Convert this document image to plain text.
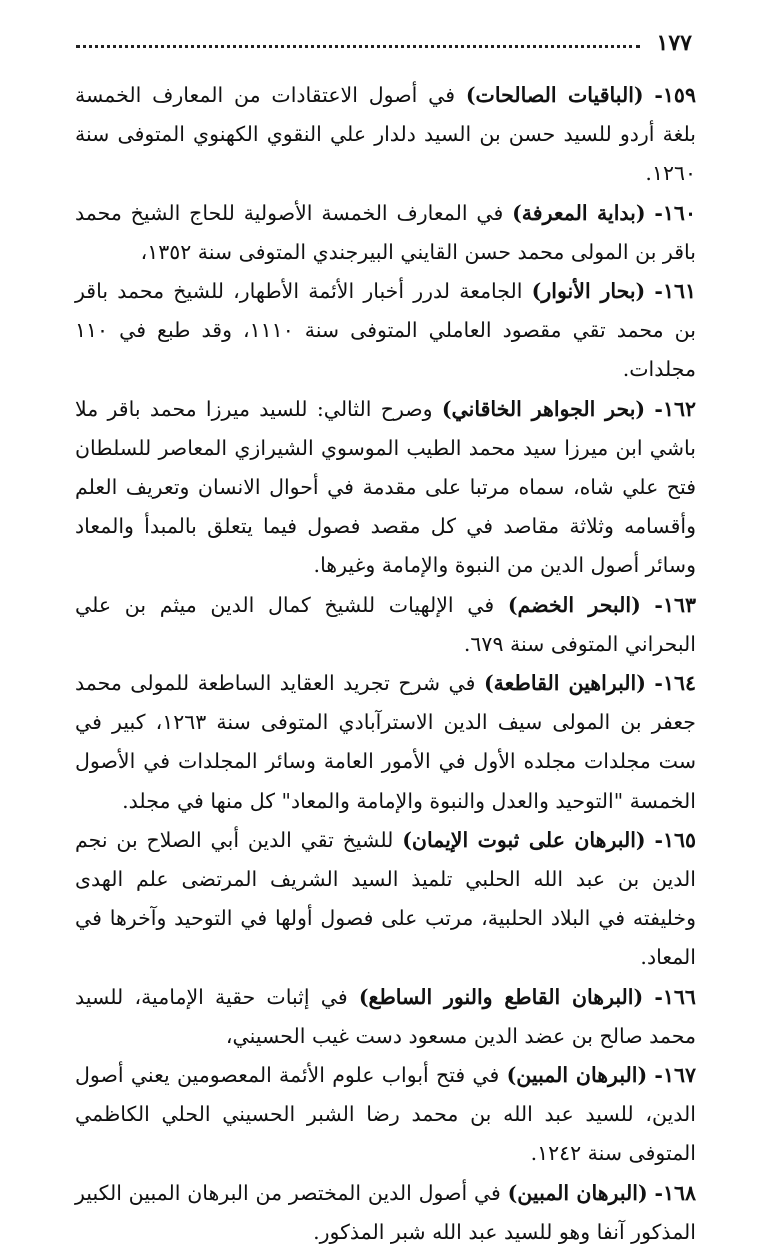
١٧٧

١٥٩- (الباقيات الصالحات) في أصول الاعتقادات من المعارف الخمسة بلغة أردو للسيد حسن بن السيد دلدار علي النقوي الكهنوي المتوفى سنة ١٢٦٠.

١٦٠- (بداية المعرفة) في المعارف الخمسة الأصولية للحاج الشيخ محمد باقر بن المولى محمد حسن القايني البيرجندي المتوفى سنة ١٣٥٢،

١٦١- (بحار الأنوار) الجامعة لدرر أخبار الأئمة الأطهار، للشيخ محمد باقر بن محمد تقي مقصود العاملي المتوفى سنة ١١١٠، وقد طبع في ١١٠ مجلدات.

١٦٢- (بحر الجواهر الخاقاني) وصرح الثالي: للسيد ميرزا محمد باقر ملا باشي ابن ميرزا سيد محمد الطيب الموسوي الشيرازي المعاصر للسلطان فتح علي شاه، سماه مرتبا على مقدمة في أحوال الانسان وتعريف العلم وأقسامه وثلاثة مقاصد في كل مقصد فصول فيما يتعلق بالمبدأ والمعاد وسائر أصول الدين من النبوة والإمامة وغيرها.

١٦٣- (البحر الخضم) في الإلهيات للشيخ كمال الدين ميثم بن علي البحراني المتوفى سنة ٦٧٩.

١٦٤- (البراهين القاطعة) في شرح تجريد العقايد الساطعة للمولى محمد جعفر بن المولى سيف الدين الاسترآبادي المتوفى سنة ١٢٦٣، كبير في ست مجلدات مجلده الأول في الأمور العامة وسائر المجلدات في الأصول الخمسة "التوحيد والعدل والنبوة والإمامة والمعاد" كل منها في مجلد.

١٦٥- (البرهان على ثبوت الإيمان) للشيخ تقي الدين أبي الصلاح بن نجم الدين بن عبد الله الحلبي تلميذ السيد الشريف المرتضى علم الهدى وخليفته في البلاد الحلبية، مرتب على فصول أولها في التوحيد وآخرها في المعاد.

١٦٦- (البرهان القاطع والنور الساطع) في إثبات حقية الإمامية، للسيد محمد صالح بن عضد الدين مسعود دست غيب الحسيني،

١٦٧- (البرهان المبين) في فتح أبواب علوم الأئمة المعصومين يعني أصول الدين، للسيد عبد الله بن محمد رضا الشبر الحسيني الحلي الكاظمي المتوفى سنة ١٢٤٢.

١٦٨- (البرهان المبين) في أصول الدين المختصر من البرهان المبين الكبير المذكور آنفا وهو للسيد عبد الله شبر المذكور.
